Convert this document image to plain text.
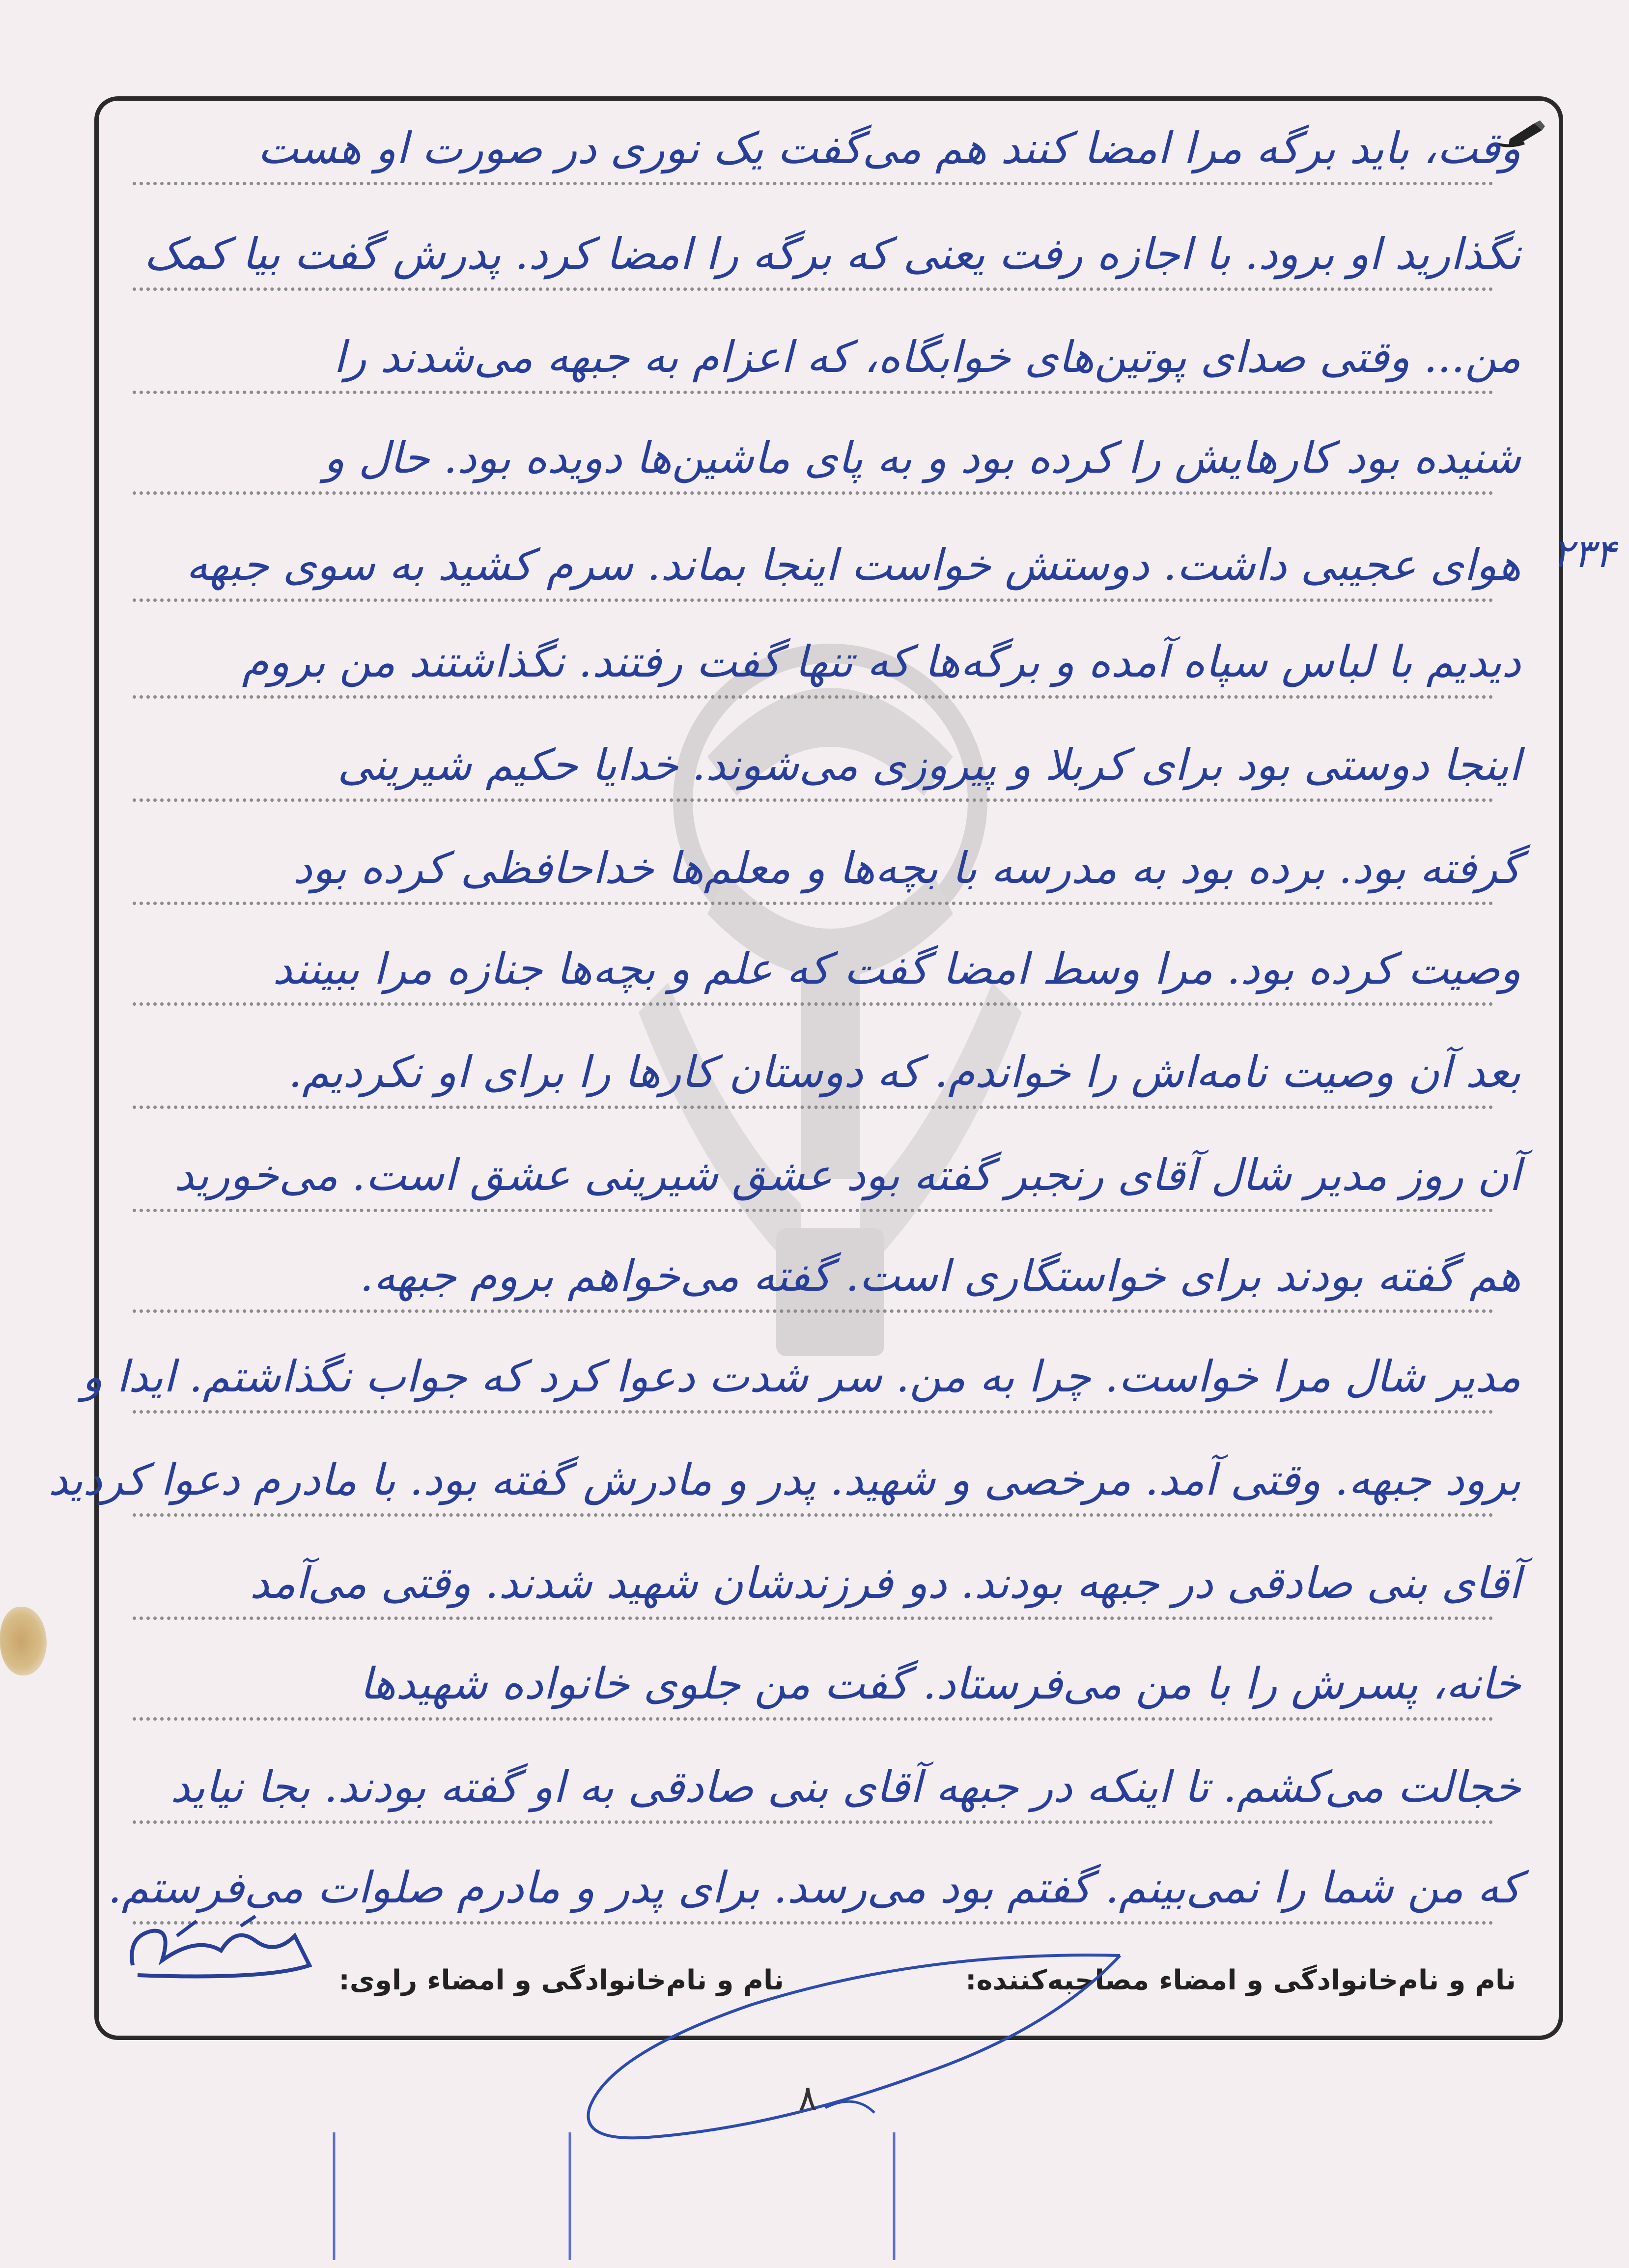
وقت، باید برگه مرا امضا کنند هم می‌گفت یک نوری در صورت او هست
نگذارید او برود. با اجازه رفت یعنی که برگه را امضا کرد. پدرش گفت بیا کمک
من... وقتی صدای پوتین‌های خوابگاه، که اعزام به جبهه می‌شدند را
شنیده بود کارهایش را کرده بود و به پای ماشین‌ها دویده بود. حال و
هوای عجیبی داشت. دوستش خواست اینجا بماند. سرم کشید به سوی جبهه
دیدیم با لباس سپاه آمده و برگه‌ها که تنها گفت رفتند. نگذاشتند من بروم
اینجا دوستی بود برای کربلا و پیروزی می‌شوند. خدایا حکیم شیرینی
گرفته بود. برده بود به مدرسه با بچه‌ها و معلم‌ها خداحافظی کرده بود
وصیت کرده بود. مرا وسط امضا گفت که علم و بچه‌ها جنازه مرا ببینند
بعد آن وصیت نامه‌اش را خواندم. که دوستان کارها را برای او نکردیم.
آن روز مدیر شال آقای رنجبر گفته بود عشق شیرینی عشق است. می‌خورید
هم گفته بودند برای خواستگاری است. گفته می‌خواهم بروم جبهه.
مدیر شال مرا خواست. چرا به من. سر شدت دعوا کرد که جواب نگذاشتم. ایدا و
برود جبهه. وقتی آمد. مرخصی و شهید. پدر و مادرش گفته بود. با مادرم دعوا کردید
آقای بنی صادقی در جبهه بودند. دو فرزندشان شهید شدند. وقتی می‌آمد
خانه، پسرش را با من می‌فرستاد. گفت من جلوی خانواده شهیدها
خجالت می‌کشم. تا اینکه در جبهه آقای بنی صادقی به او گفته بودند. بجا نیاید
که من شما را نمی‌بینم. گفتم بود می‌رسد. برای پدر و مادرم صلوات می‌فرستم.
۲۳۴
نام و نام‌خانوادگی و امضاء مصاحبه‌کننده:
نام و نام‌خانوادگی و امضاء راوی:
۸
